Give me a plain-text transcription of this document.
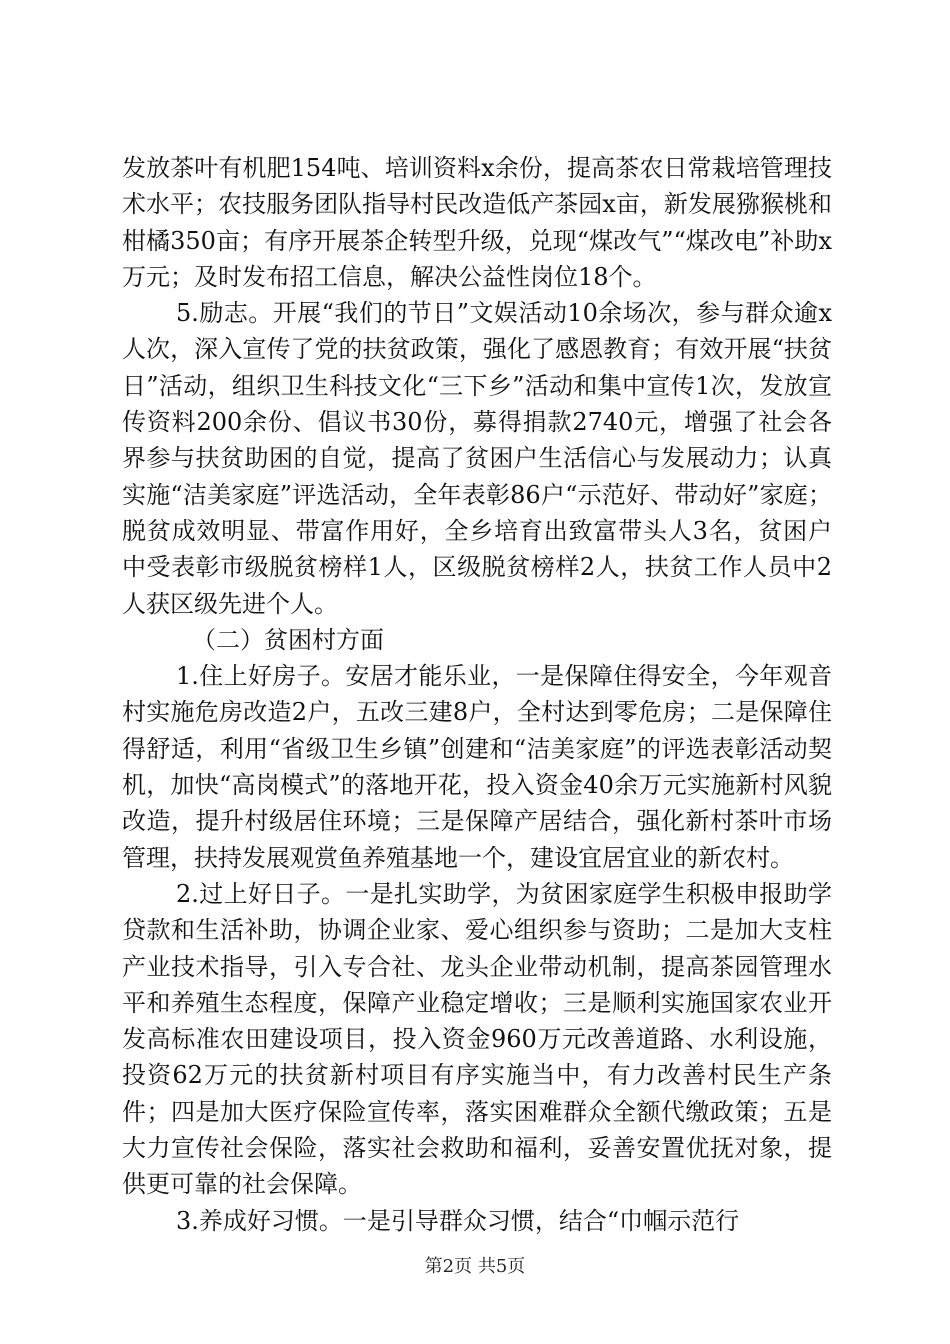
发放茶叶有机肥154吨、培训资料x余份，提高茶农日常栽培管理技术水平；农技服务团队指导村民改造低产茶园x亩，新发展猕猴桃和柑橘350亩；有序开展茶企转型升级，兑现“煤改气”“煤改电”补助x万元；及时发布招工信息，解决公益性岗位18个。

5.励志。开展“我们的节日”文娱活动10余场次，参与群众逾x人次，深入宣传了党的扶贫政策，强化了感恩教育；有效开展“扶贫日”活动，组织卫生科技文化“三下乡”活动和集中宣传1次，发放宣传资料200余份、倡议书30份，募得捐款2740元，增强了社会各界参与扶贫助困的自觉，提高了贫困户生活信心与发展动力；认真实施“洁美家庭”评选活动，全年表彰86户“示范好、带动好”家庭；脱贫成效明显、带富作用好，全乡培育出致富带头人3名，贫困户中受表彰市级脱贫榜样1人，区级脱贫榜样2人，扶贫工作人员中2人获区级先进个人。

（二）贫困村方面

1.住上好房子。安居才能乐业，一是保障住得安全，今年观音村实施危房改造2户，五改三建8户，全村达到零危房；二是保障住得舒适，利用“省级卫生乡镇”创建和“洁美家庭”的评选表彰活动契机，加快“高岗模式”的落地开花，投入资金40余万元实施新村风貌改造，提升村级居住环境；三是保障产居结合，强化新村茶叶市场管理，扶持发展观赏鱼养殖基地一个，建设宜居宜业的新农村。

2.过上好日子。一是扎实助学，为贫困家庭学生积极申报助学贷款和生活补助，协调企业家、爱心组织参与资助；二是加大支柱产业技术指导，引入专合社、龙头企业带动机制，提高茶园管理水平和养殖生态程度，保障产业稳定增收；三是顺利实施国家农业开发高标准农田建设项目，投入资金960万元改善道路、水利设施，投资62万元的扶贫新村项目有序实施当中，有力改善村民生产条件；四是加大医疗保险宣传率，落实困难群众全额代缴政策；五是大力宣传社会保险，落实社会救助和福利，妥善安置优抚对象，提供更可靠的社会保障。

3.养成好习惯。一是引导群众习惯，结合“巾帼示范行

第2页 共5页
